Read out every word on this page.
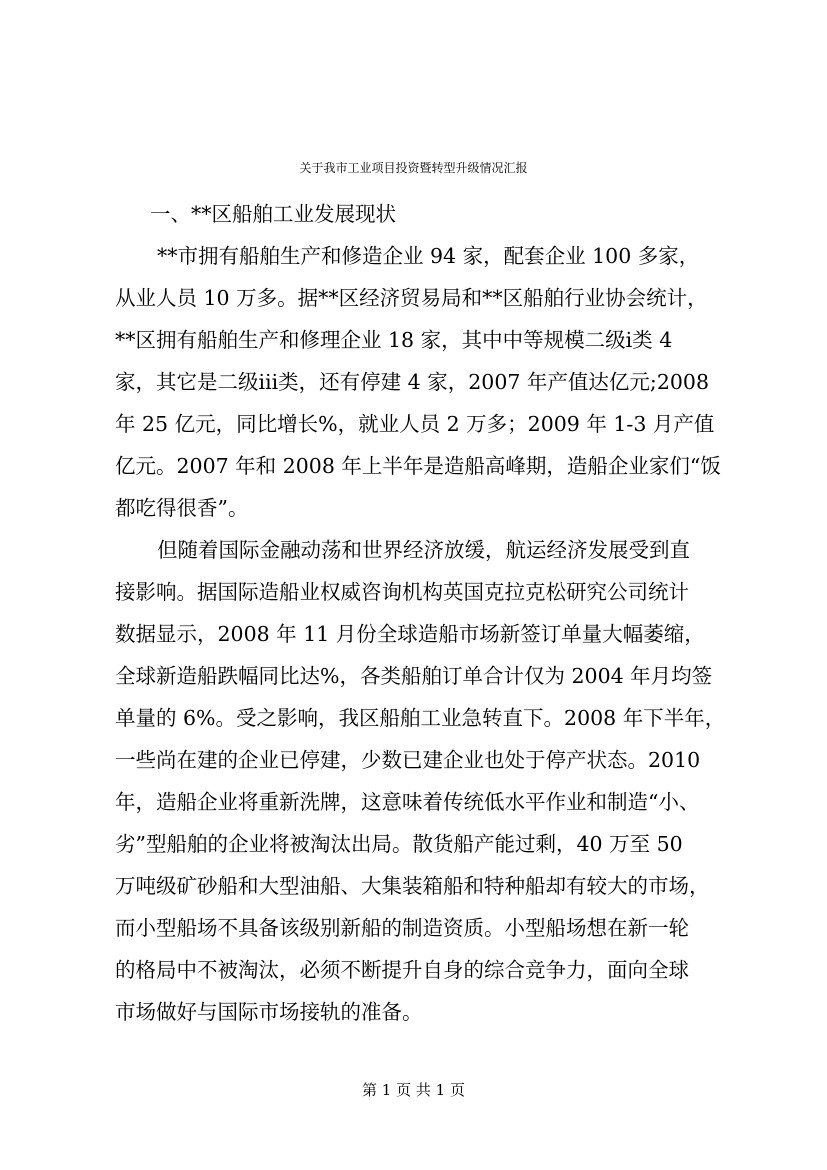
关于我市工业项目投资暨转型升级情况汇报
一、**区船舶工业发展现状
**市拥有船舶生产和修造企业 94 家，配套企业 100 多家，
从业人员 10 万多。据**区经济贸易局和**区船舶行业协会统计，
**区拥有船舶生产和修理企业 18 家，其中中等规模二级ⅰ类 4
家，其它是二级ⅲ类，还有停建 4 家，2007 年产值达亿元;2008
年 25 亿元，同比增长%，就业人员 2 万多；2009 年 1-3 月产值
亿元。2007 年和 2008 年上半年是造船高峰期，造船企业家们“饭
都吃得很香”。
但随着国际金融动荡和世界经济放缓，航运经济发展受到直
接影响。据国际造船业权威咨询机构英国克拉克松研究公司统计
数据显示，2008 年 11 月份全球造船市场新签订单量大幅萎缩，
全球新造船跌幅同比达%，各类船舶订单合计仅为 2004 年月均签
单量的 6%。受之影响，我区船舶工业急转直下。2008 年下半年，
一些尚在建的企业已停建，少数已建企业也处于停产状态。2010
年，造船企业将重新洗牌，这意味着传统低水平作业和制造“小、
劣”型船舶的企业将被淘汰出局。散货船产能过剩，40 万至 50
万吨级矿砂船和大型油船、大集装箱船和特种船却有较大的市场，
而小型船场不具备该级别新船的制造资质。小型船场想在新一轮
的格局中不被淘汰，必须不断提升自身的综合竞争力，面向全球
市场做好与国际市场接轨的准备。
第 1 页 共 1 页
